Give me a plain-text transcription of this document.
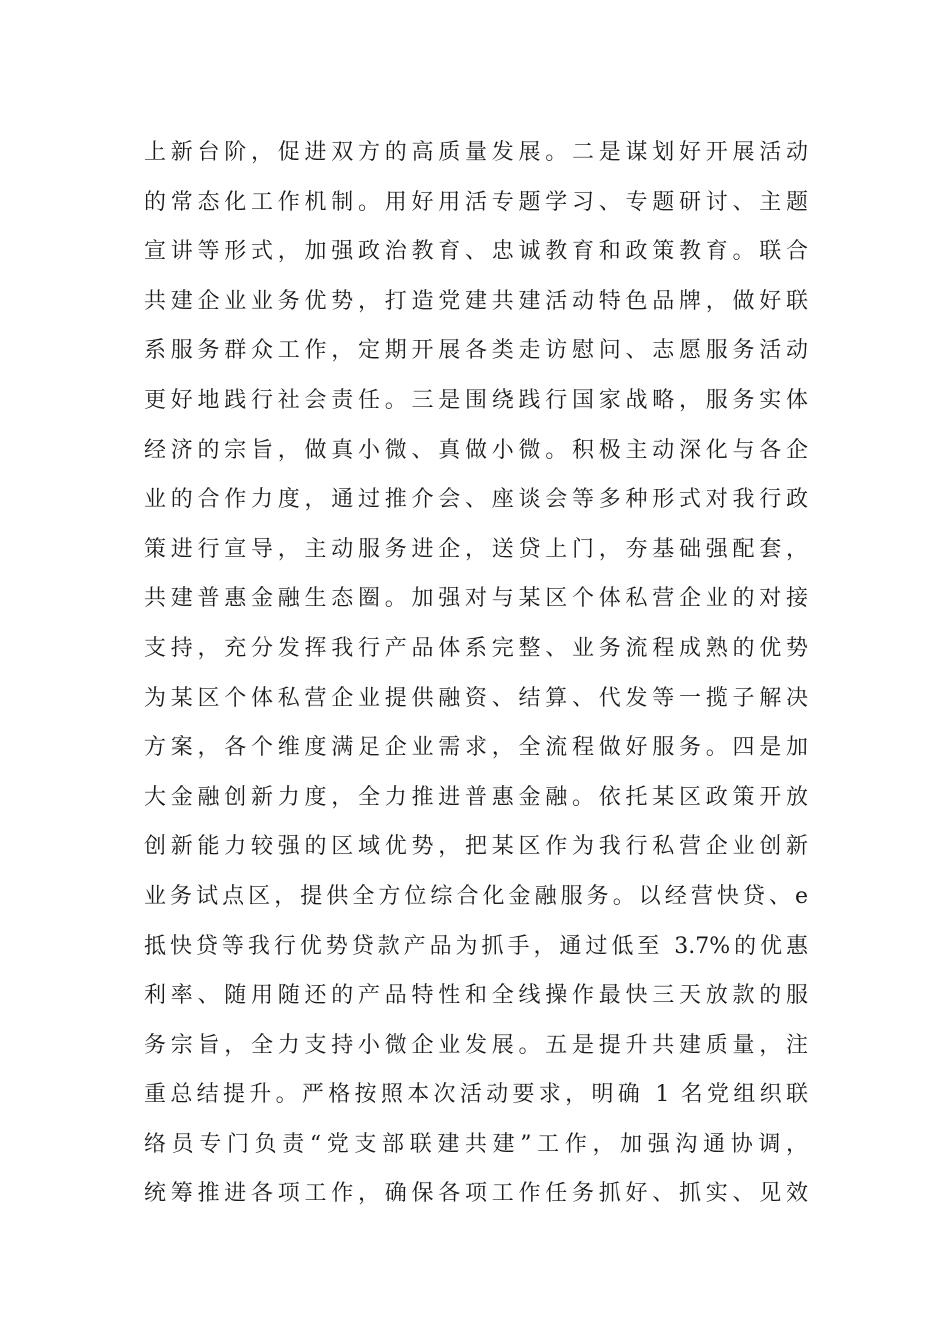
上新台阶，促进双方的高质量发展。二是谋划好开展活动
的常态化工作机制。用好用活专题学习、专题研讨、主题
宣讲等形式，加强政治教育、忠诚教育和政策教育。联合
共建企业业务优势，打造党建共建活动特色品牌，做好联
系服务群众工作，定期开展各类走访慰问、志愿服务活动
更好地践行社会责任。三是围绕践行国家战略，服务实体
经济的宗旨，做真小微、真做小微。积极主动深化与各企
业的合作力度，通过推介会、座谈会等多种形式对我行政
策进行宣导，主动服务进企，送贷上门，夯基础强配套，
共建普惠金融生态圈。加强对与某区个体私营企业的对接
支持，充分发挥我行产品体系完整、业务流程成熟的优势
为某区个体私营企业提供融资、结算、代发等一揽子解决
方案，各个维度满足企业需求，全流程做好服务。四是加
大金融创新力度，全力推进普惠金融。依托某区政策开放
创新能力较强的区域优势，把某区作为我行私营企业创新
业务试点区，提供全方位综合化金融服务。以经营快贷、e
抵快贷等我行优势贷款产品为抓手，通过低至 3.7%的优惠
利率、随用随还的产品特性和全线操作最快三天放款的服
务宗旨，全力支持小微企业发展。五是提升共建质量，注
重总结提升。严格按照本次活动要求，明确 1 名党组织联
络员专门负责“党支部联建共建”工作，加强沟通协调，
统筹推进各项工作，确保各项工作任务抓好、抓实、见效
